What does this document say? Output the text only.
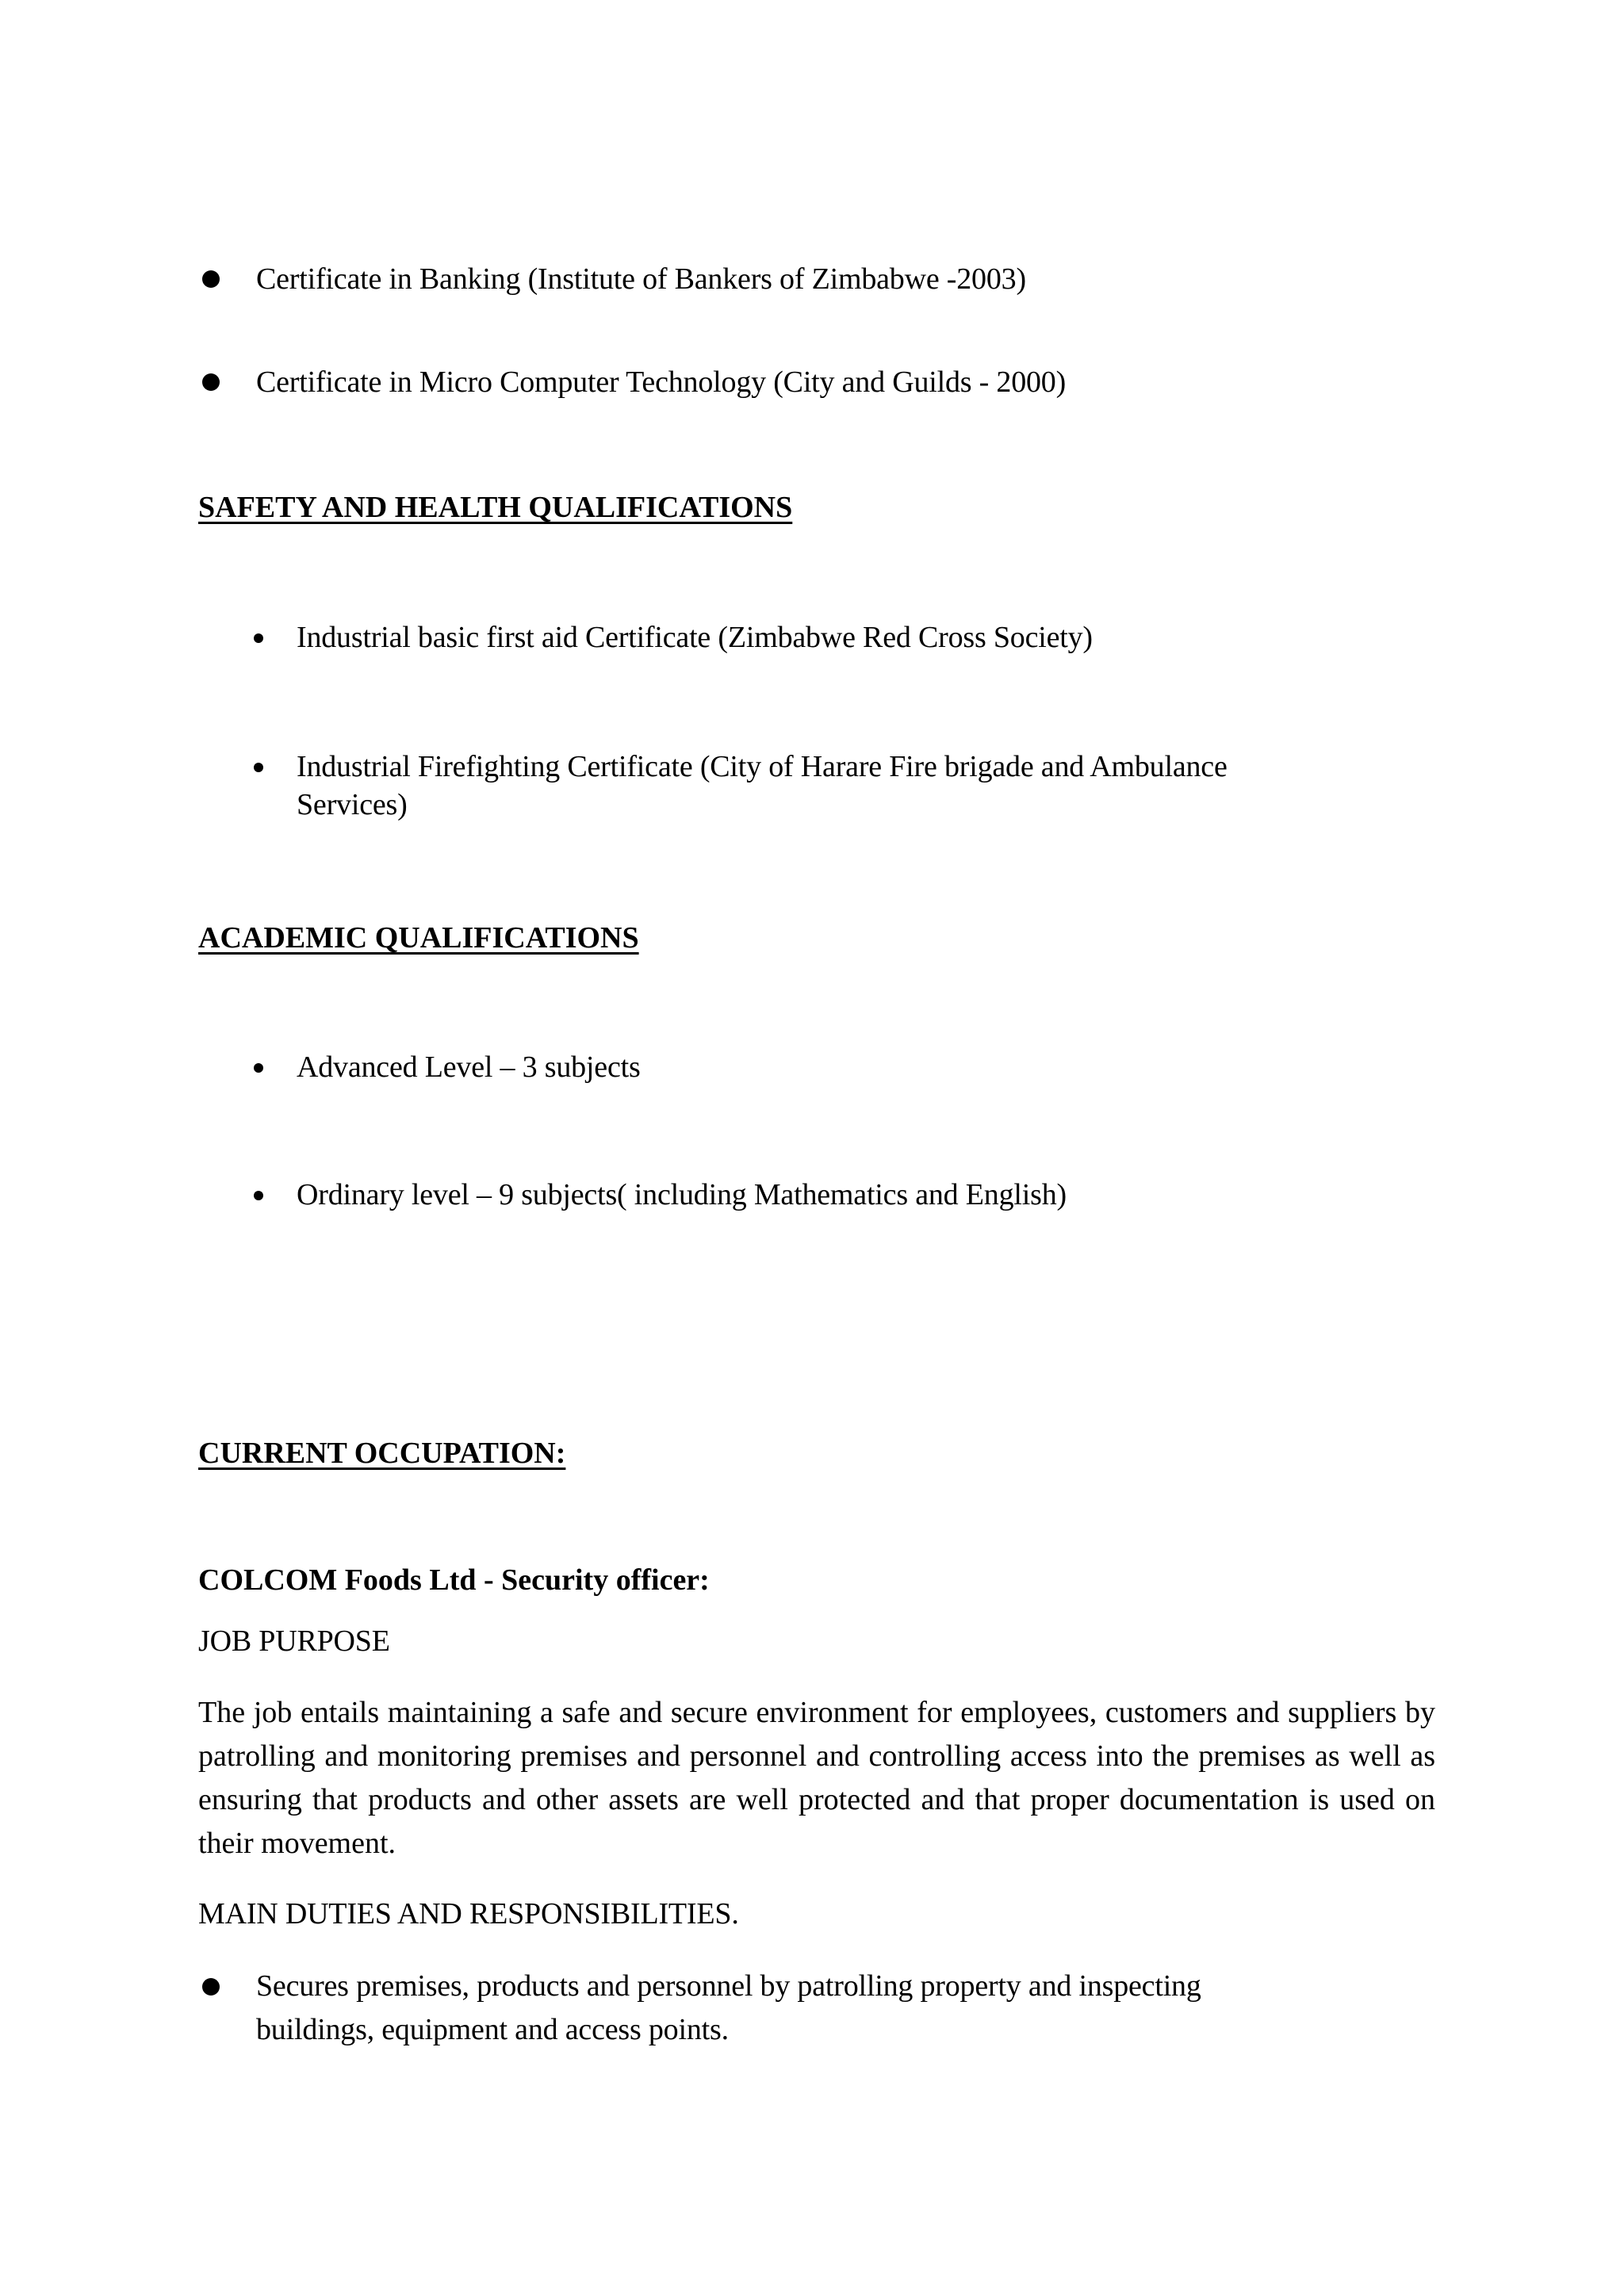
Certificate in Banking (Institute of Bankers of Zimbabwe -2003)
Certificate in Micro Computer Technology (City and Guilds - 2000)
SAFETY AND HEALTH QUALIFICATIONS
Industrial basic first aid Certificate (Zimbabwe Red Cross Society)
Industrial Firefighting Certificate (City of Harare Fire brigade and Ambulance
Services)
ACADEMIC QUALIFICATIONS
Advanced Level – 3 subjects
Ordinary level – 9 subjects( including Mathematics and English)
CURRENT OCCUPATION:
COLCOM Foods Ltd - Security officer:
JOB PURPOSE
The job entails maintaining a safe and secure environment for employees, customers and suppliers by patrolling and monitoring premises and personnel and controlling access into the premises as well as ensuring that products and other assets are well protected and that proper documentation is used on their movement.
MAIN DUTIES AND RESPONSIBILITIES.
Secures premises, products and personnel by patrolling property and inspecting
buildings, equipment and access points.
